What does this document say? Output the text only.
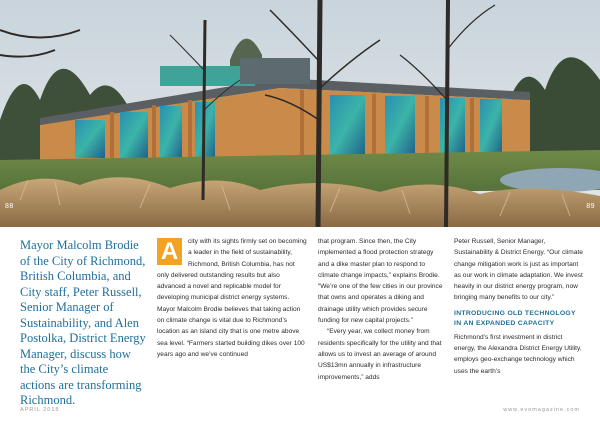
88	89

Mayor Malcolm Brodie of the City of Richmond, British Columbia, and City staff, Peter Russell, Senior Manager of Sustainability, and Alen Postolka, District Energy Manager, discuss how the City’s climate actions are transforming Richmond.

A	city with its sights firmly set on becoming a leader in the field of sustainability, Richmond, British Columbia, has not only delivered outstanding results but also advanced a novel and replicable model for developing municipal district energy systems. Mayor Malcolm Brodie believes that taking action on climate change is vital due to Richmond’s location as an island city that is one metre above sea level. “Farmers started building dikes over 100 years ago and we’ve continued

that program. Since then, the City implemented a flood protection strategy and a dike master plan to respond to climate change impacts,” explains Brodie. “We’re one of the few cities in our province that owns and operates a diking and drainage utility which provides secure funding for new capital projects.”

“Every year, we collect money from residents specifically for the utility and that allows us to invest an average of around US$13mn annually in infrastructure improvements,” adds

Peter Russell, Senior Manager, Sustainability & District Energy. “Our climate change mitigation work is just as important as our work in climate adaptation. We invest heavily in our district energy program, now bringing many benefits to our city.”

INTRODUCING OLD TECHNOLOGY
IN AN EXPANDED CAPACITY

Richmond’s first investment in district energy, the Alexandra District Energy Utility, employs geo-exchange technology which uses the earth’s

APRIL 2018	www.evomagazine.com
